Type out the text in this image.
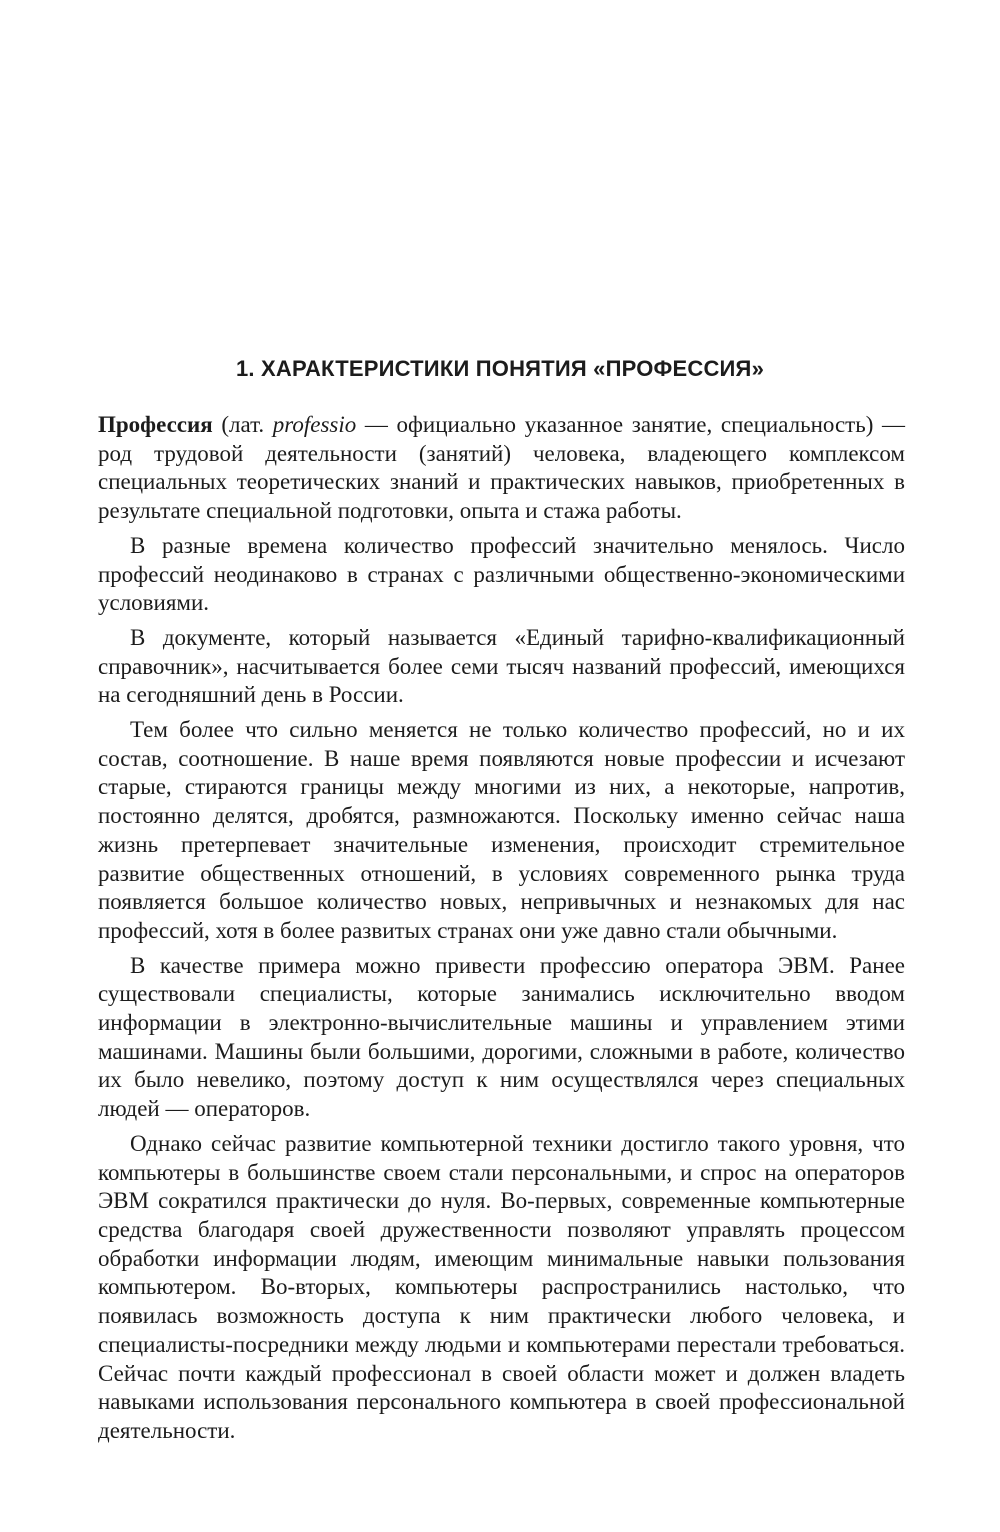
1. ХАРАКТЕРИСТИКИ ПОНЯТИЯ «ПРОФЕССИЯ»

Профессия (лат. professio — официально указанное занятие, специальность) — род трудовой деятельности (занятий) человека, владеющего комплексом специальных теоретических знаний и практических навыков, приобретенных в результате специальной подготовки, опыта и стажа работы.

В разные времена количество профессий значительно менялось. Число профессий неодинаково в странах с различными общественно-экономическими условиями.

В документе, который называется «Единый тарифно-квалификационный справочник», насчитывается более семи тысяч названий профессий, имеющихся на сегодняшний день в России.

Тем более что сильно меняется не только количество профессий, но и их состав, соотношение. В наше время появляются новые профессии и исчезают старые, стираются границы между многими из них, а некоторые, напротив, постоянно делятся, дробятся, размножаются. Поскольку именно сейчас наша жизнь претерпевает значительные изменения, происходит стремительное развитие общественных отношений, в условиях современного рынка труда появляется большое количество новых, непривычных и незнакомых для нас профессий, хотя в более развитых странах они уже давно стали обычными.

В качестве примера можно привести профессию оператора ЭВМ. Ранее существовали специалисты, которые занимались исключительно вводом информации в электронно-вычислительные машины и управлением этими машинами. Машины были большими, дорогими, сложными в работе, количество их было невелико, поэтому доступ к ним осуществлялся через специальных людей — операторов.

Однако сейчас развитие компьютерной техники достигло такого уровня, что компьютеры в большинстве своем стали персональными, и спрос на операторов ЭВМ сократился практически до нуля. Во-первых, современные компьютерные средства благодаря своей дружественности позволяют управлять процессом обработки информации людям, имеющим минимальные навыки пользования компьютером. Во-вторых, компьютеры распространились настолько, что появилась возможность доступа к ним практически любого человека, и специалисты-посредники между людьми и компьютерами перестали требоваться. Сейчас почти каждый профессионал в своей области может и должен владеть навыками использования персонального компьютера в своей профессиональной деятельности.
